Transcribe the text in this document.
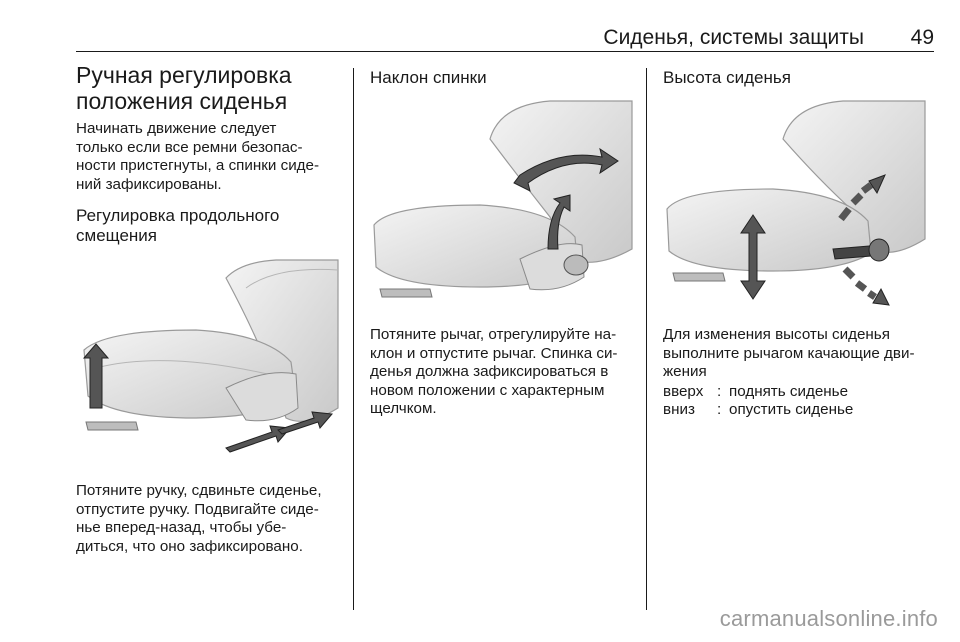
Сиденья, системы защиты 49
Ручная регулировка
положения сиденья
Начинать движение следует
только если все ремни безопас-
ности пристегнуты, а спинки сиде-
ний зафиксированы.
Регулировка продольного
смещения
Потяните ручку, сдвиньте сиденье,
отпустите ручку. Подвигайте сиде-
нье вперед-назад, чтобы убе-
диться, что оно зафиксировано.
Наклон спинки
Потяните рычаг, отрегулируйте на-
клон и отпустите рычаг. Спинка си-
денья должна зафиксироваться в
новом положении с характерным
щелчком.
Высота сиденья
Для изменения высоты сиденья
выполните рычагом качающие дви-
жения
вверх : поднять сиденье
вниз	: опустить сиденье
carmanualsonline.info
